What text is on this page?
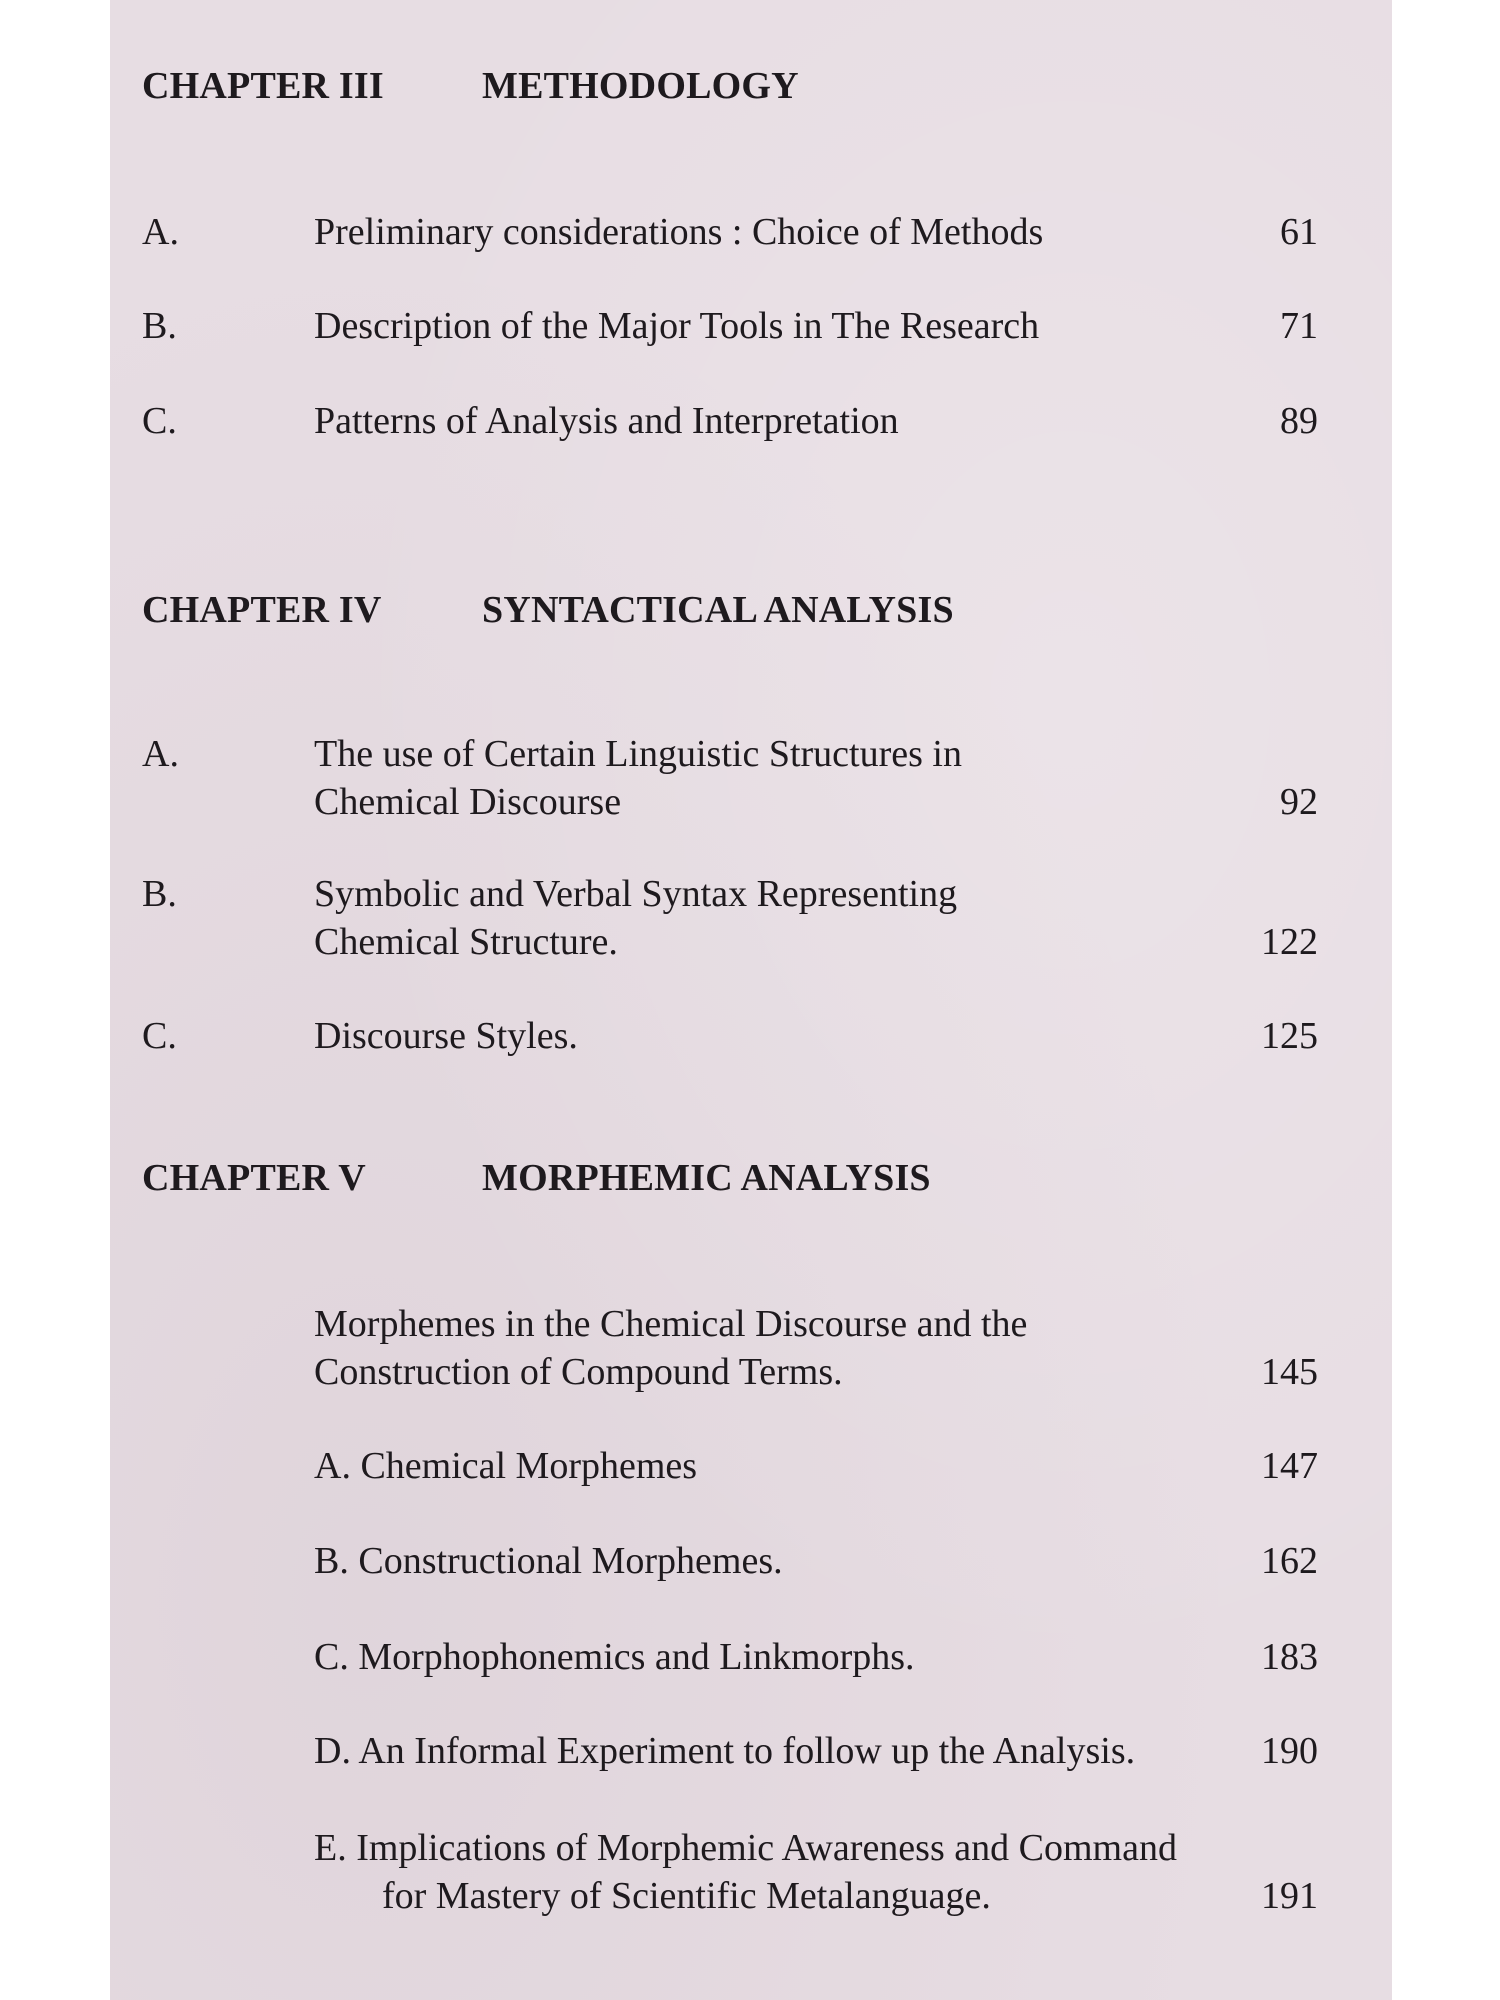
CHAPTER III	METHODOLOGY
A.	Preliminary considerations : Choice of Methods	61
B.	Description of the Major Tools in The Research	71
C.	Patterns of Analysis and Interpretation	89
CHAPTER IV	SYNTACTICAL ANALYSIS
A.	The use of Certain Linguistic Structures in
Chemical Discourse	92
B.	Symbolic and Verbal Syntax Representing
Chemical Structure.	122
C.	Discourse Styles.	125
CHAPTER V	MORPHEMIC ANALYSIS
Morphemes in the Chemical Discourse and the
Construction of Compound Terms.	145
A. Chemical Morphemes	147
B. Constructional Morphemes.	162
C. Morphophonemics and Linkmorphs.	183
D. An Informal Experiment to follow up the Analysis.	190
E. Implications of Morphemic Awareness and Command
for Mastery of Scientific Metalanguage.	191
